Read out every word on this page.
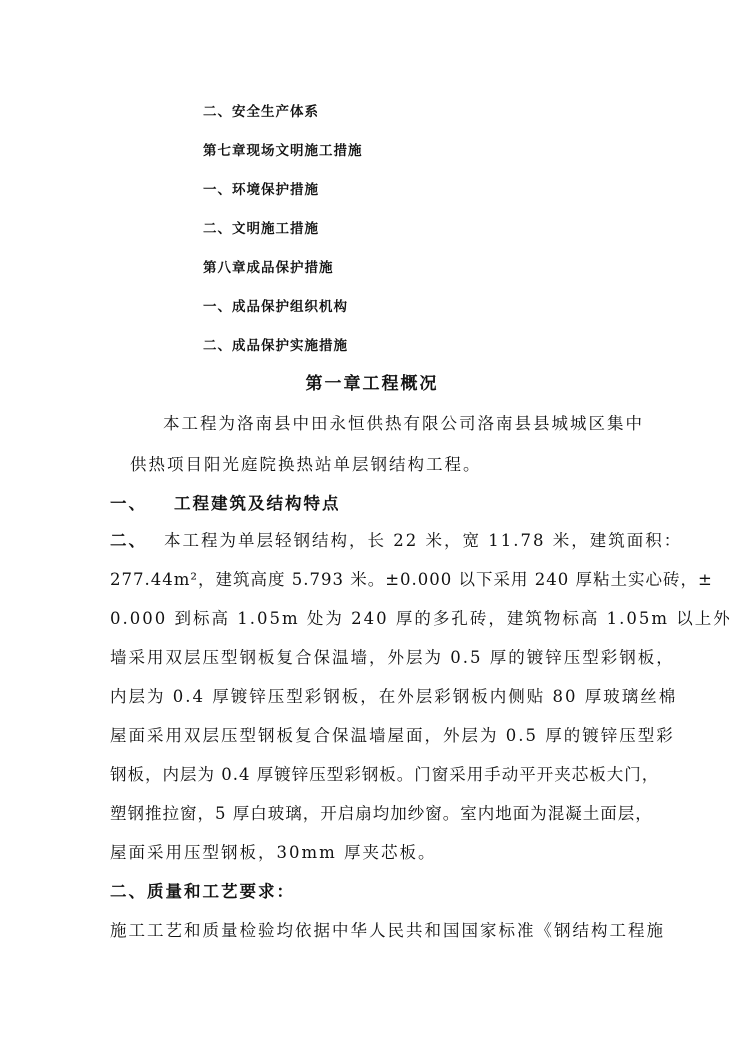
二、安全生产体系
第七章现场文明施工措施
一、环境保护措施
二、文明施工措施
第八章成品保护措施
一、成品保护组织机构
二、成品保护实施措施
第一章工程概况
本工程为洛南县中田永恒供热有限公司洛南县县城城区集中
供热项目阳光庭院换热站单层钢结构工程。
一、 工程建筑及结构特点
二、 本工程为单层轻钢结构，长 22 米，宽 11.78 米，建筑面积：
277.44m²，建筑高度 5.793 米。±0.000 以下采用 240 厚粘土实心砖，±
0.000 到标高 1.05m 处为 240 厚的多孔砖，建筑物标高 1.05m 以上外
墙采用双层压型钢板复合保温墙，外层为 0.5 厚的镀锌压型彩钢板，
内层为 0.4 厚镀锌压型彩钢板，在外层彩钢板内侧贴 80 厚玻璃丝棉
屋面采用双层压型钢板复合保温墙屋面，外层为 0.5 厚的镀锌压型彩
钢板，内层为 0.4 厚镀锌压型彩钢板。门窗采用手动平开夹芯板大门，
塑钢推拉窗，5 厚白玻璃，开启扇均加纱窗。室内地面为混凝土面层，
屋面采用压型钢板，30mm 厚夹芯板。
二、质量和工艺要求：
施工工艺和质量检验均依据中华人民共和国国家标准《钢结构工程施
